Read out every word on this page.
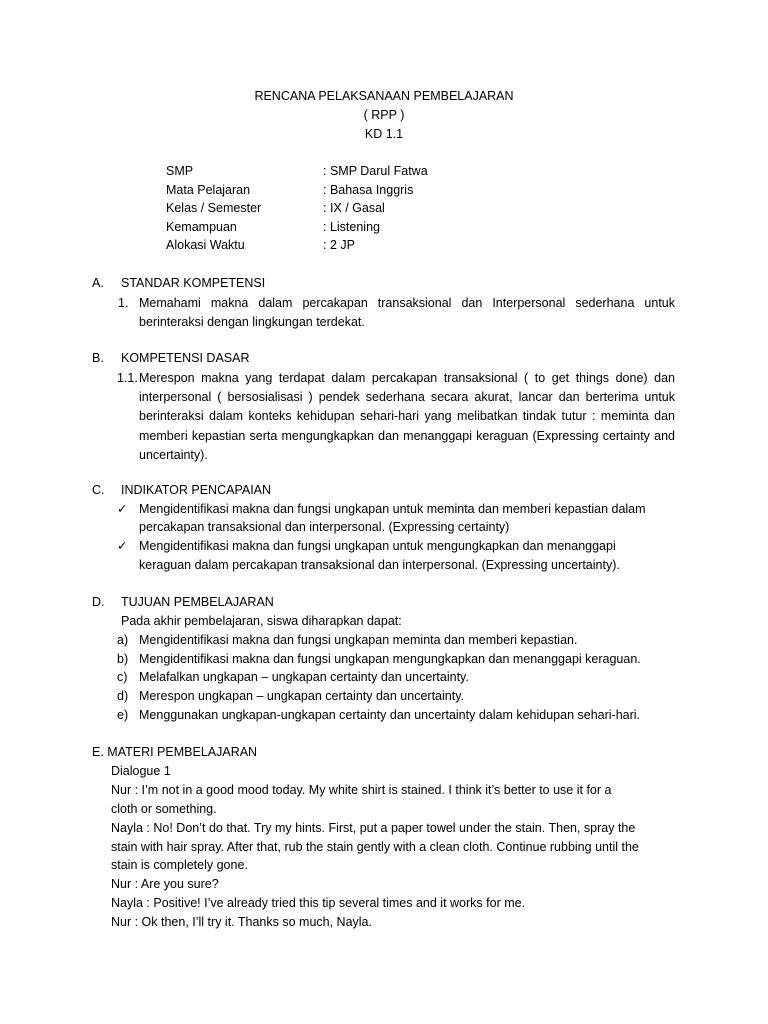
RENCANA PELAKSANAAN PEMBELAJARAN
( RPP )
KD 1.1
SMP	: SMP Darul Fatwa
Mata Pelajaran	: Bahasa Inggris
Kelas / Semester	: IX / Gasal
Kemampuan	: Listening
Alokasi Waktu	: 2 JP
A. STANDAR KOMPETENSI
1. Memahami makna dalam percakapan transaksional dan Interpersonal sederhana untuk berinteraksi dengan lingkungan terdekat.
B. KOMPETENSI DASAR
1.1. Merespon makna yang terdapat dalam percakapan transaksional ( to get things done) dan interpersonal ( bersosialisasi ) pendek sederhana secara akurat, lancar dan berterima untuk berinteraksi dalam konteks kehidupan sehari-hari yang melibatkan tindak tutur : meminta dan memberi kepastian serta mengungkapkan dan menanggapi keraguan (Expressing certainty and uncertainty).
C. INDIKATOR PENCAPAIAN
✓ Mengidentifikasi makna dan fungsi ungkapan untuk meminta dan memberi kepastian dalam
percakapan transaksional dan interpersonal. (Expressing certainty)
✓ Mengidentifikasi makna dan fungsi ungkapan untuk mengungkapkan dan menanggapi
keraguan dalam percakapan transaksional dan interpersonal. (Expressing uncertainty).
D. TUJUAN PEMBELAJARAN
Pada akhir pembelajaran, siswa diharapkan dapat:
a) Mengidentifikasi makna dan fungsi ungkapan meminta dan memberi kepastian.
b) Mengidentifikasi makna dan fungsi ungkapan mengungkapkan dan menanggapi keraguan.
c) Melafalkan ungkapan – ungkapan certainty dan uncertainty.
d) Merespon ungkapan – ungkapan certainty dan uncertainty.
e) Menggunakan ungkapan-ungkapan certainty dan uncertainty dalam kehidupan sehari-hari.
E. MATERI PEMBELAJARAN
Dialogue 1
Nur : I’m not in a good mood today. My white shirt is stained. I think it’s better to use it for a
cloth or something.
Nayla : No! Don’t do that. Try my hints. First, put a paper towel under the stain. Then, spray the
stain with hair spray. After that, rub the stain gently with a clean cloth. Continue rubbing until the
stain is completely gone.
Nur : Are you sure?
Nayla : Positive! I’ve already tried this tip several times and it works for me.
Nur : Ok then, I’ll try it. Thanks so much, Nayla.
